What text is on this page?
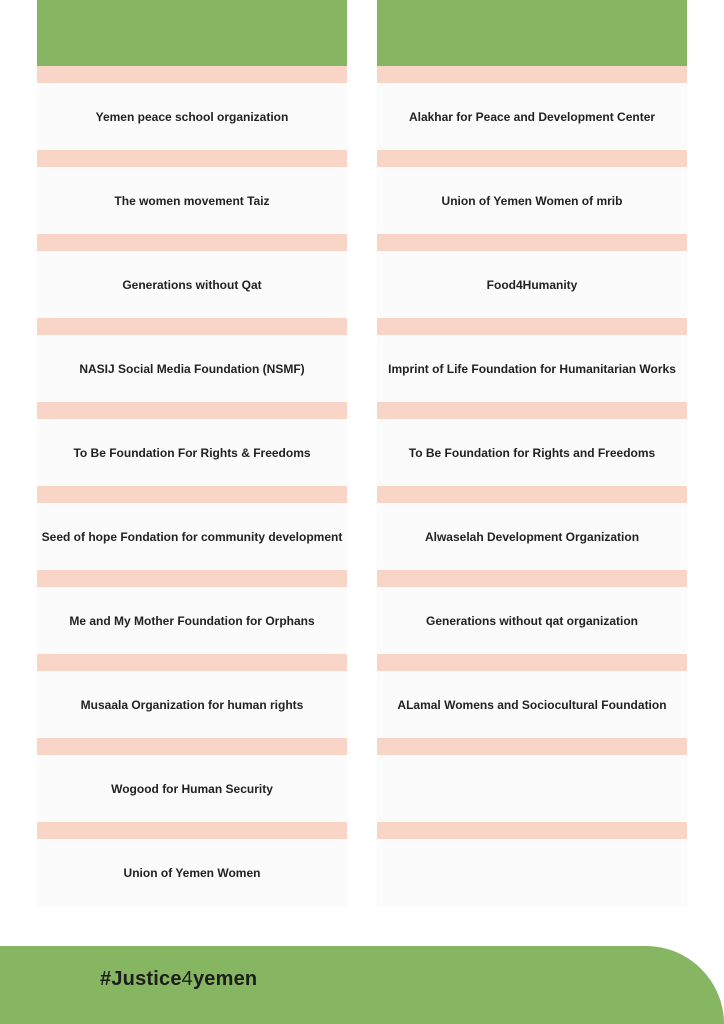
Yemen peace school organization
The women movement Taiz
Generations without Qat
NASIJ Social Media Foundation (NSMF)
To Be Foundation For Rights & Freedoms
Seed of hope Fondation for community development
Me and My Mother Foundation for Orphans
Musaala Organization for human rights
Wogood for Human Security
Union of Yemen Women
Alakhar for Peace and Development Center
Union of Yemen Women of mrib
Food4Humanity
Imprint of Life Foundation for Humanitarian Works
To Be Foundation for Rights and Freedoms
Alwaselah Development Organization
Generations without qat organization
ALamal Womens and Sociocultural Foundation
#Justice4yemen
